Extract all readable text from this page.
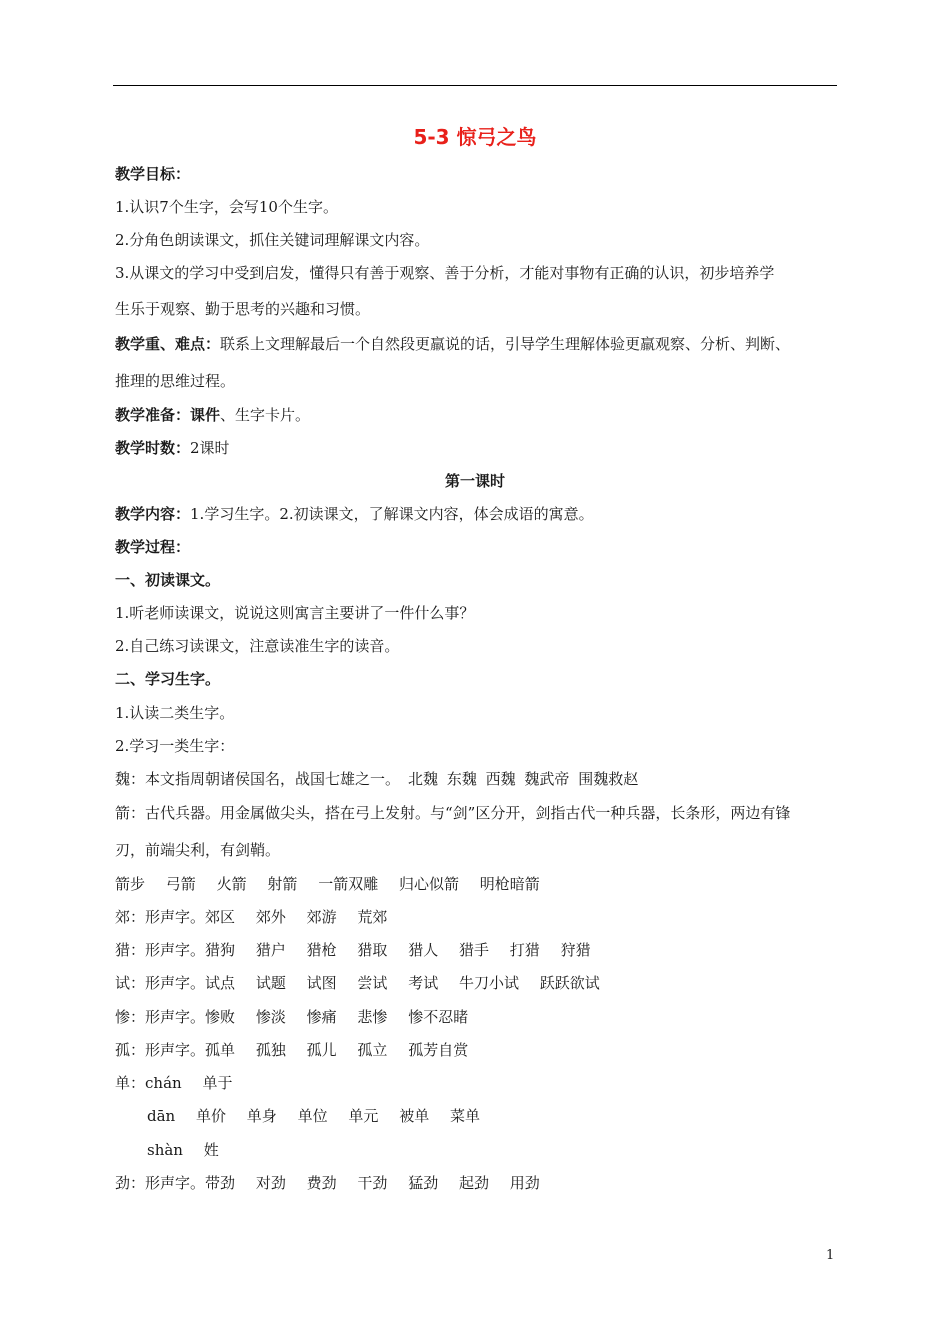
5-3 惊弓之鸟
教学目标：
1.认识7个生字，会写10个生字。
2.分角色朗读课文，抓住关键词理解课文内容。
3.从课文的学习中受到启发，懂得只有善于观察、善于分析，才能对事物有正确的认识，初步培养学
生乐于观察、勤于思考的兴趣和习惯。
教学重、难点：联系上文理解最后一个自然段更羸说的话，引导学生理解体验更羸观察、分析、判断、
推理的思维过程。
教学准备：课件、生字卡片。
教学时数：2课时
第一课时
教学内容：1.学习生字。2.初读课文，了解课文内容，体会成语的寓意。
教学过程：
一、初读课文。
1.听老师读课文，说说这则寓言主要讲了一件什么事？
2.自己练习读课文，注意读准生字的读音。
二、学习生字。
1.认读二类生字。
2.学习一类生字：
魏：本文指周朝诸侯国名，战国七雄之一。 北魏 东魏 西魏 魏武帝 围魏救赵
箭：古代兵器。用金属做尖头，搭在弓上发射。与“剑”区分开，剑指古代一种兵器，长条形，两边有锋
刃，前端尖利，有剑鞘。
箭步 弓箭 火箭 射箭 一箭双雕 归心似箭 明枪暗箭
郊：形声字。郊区 郊外 郊游 荒郊
猎：形声字。猎狗 猎户 猎枪 猎取 猎人 猎手 打猎 狩猎
试：形声字。试点 试题 试图 尝试 考试 牛刀小试 跃跃欲试
惨：形声字。惨败 惨淡 惨痛 悲惨 惨不忍睹
孤：形声字。孤单 孤独 孤儿 孤立 孤芳自赏
单：chán 单于
dān 单价 单身 单位 单元 被单 菜单
shàn 姓
劲：形声字。带劲 对劲 费劲 干劲 猛劲 起劲 用劲
1
